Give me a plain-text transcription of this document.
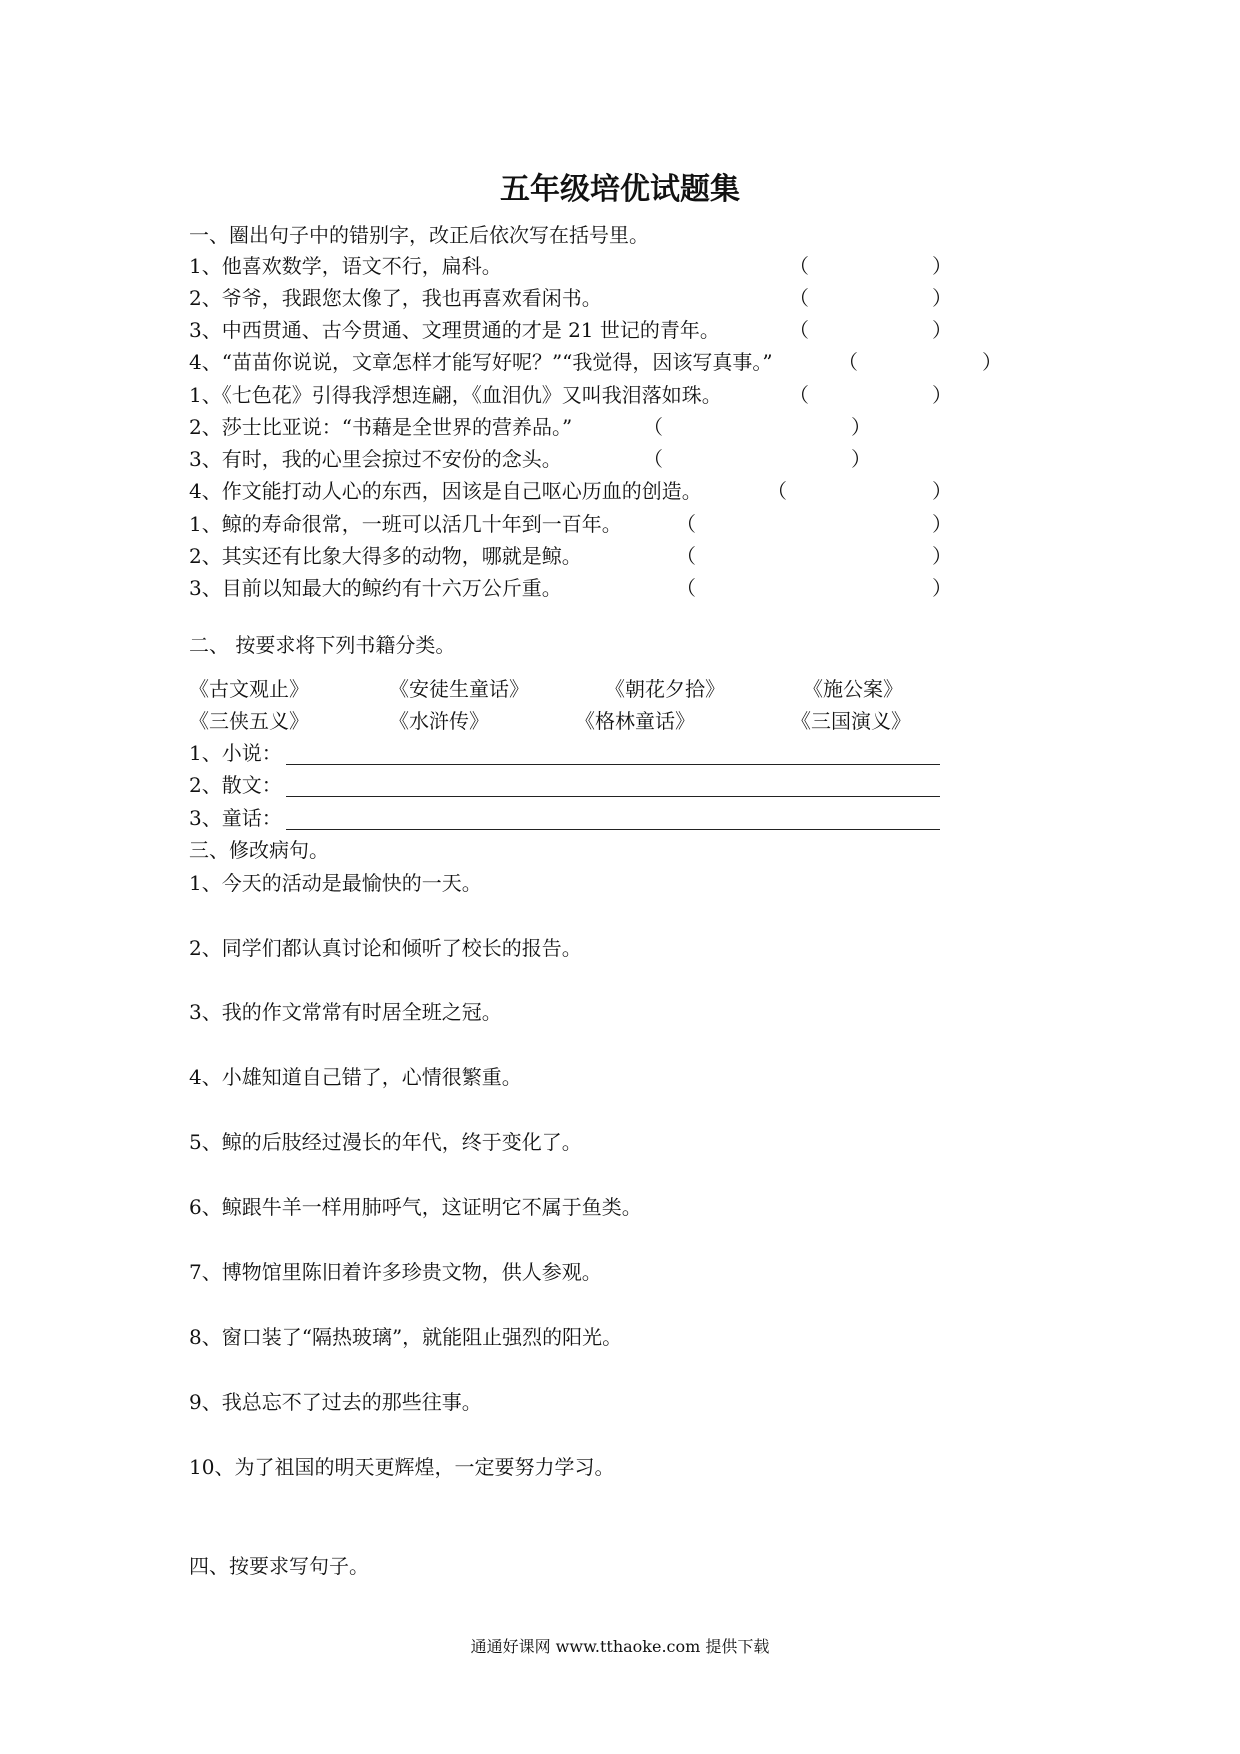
五年级培优试题集
一、圈出句子中的错别字，改正后依次写在括号里。
1、他喜欢数学，语文不行，扁科。	（	）
2、爷爷，我跟您太像了，我也再喜欢看闲书。	（	）
3、中西贯通、古今贯通、文理贯通的才是 21 世记的青年。	（	）
4、“苗苗你说说，文章怎样才能写好呢？”“我觉得，因该写真事。”	（	）
1、《七色花》引得我浮想连翩，《血泪仇》又叫我泪落如珠。	（	）
2、莎士比亚说：“书藉是全世界的营养品。”	（	）
3、有时，我的心里会掠过不安份的念头。	（	）
4、作文能打动人心的东西，因该是自己呕心历血的创造。	（	）
1、鲸的寿命很常，一班可以活几十年到一百年。	（	）
2、其实还有比象大得多的动物，哪就是鲸。	（	）
3、目前以知最大的鲸约有十六万公斤重。	（	）
二、 按要求将下列书籍分类。
《古文观止》	《安徒生童话》	《朝花夕拾》	《施公案》
《三侠五义》	《水浒传》	《格林童话》	《三国演义》
1、小说：
2、散文：
3、童话：
三、修改病句。
1、今天的活动是最愉快的一天。
2、同学们都认真讨论和倾听了校长的报告。
3、我的作文常常有时居全班之冠。
4、小雄知道自己错了，心情很繁重。
5、鲸的后肢经过漫长的年代，终于变化了。
6、鲸跟牛羊一样用肺呼气，这证明它不属于鱼类。
7、博物馆里陈旧着许多珍贵文物，供人参观。
8、窗口装了“隔热玻璃”，就能阻止强烈的阳光。
9、我总忘不了过去的那些往事。
10、为了祖国的明天更辉煌，一定要努力学习。
四、按要求写句子。
通通好课网 www.tthaoke.com 提供下载
